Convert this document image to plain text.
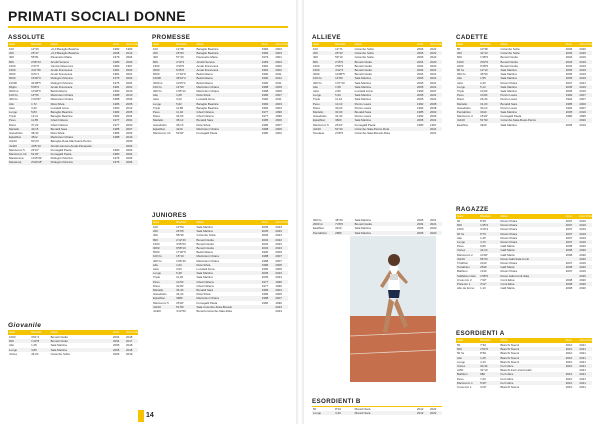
PRIMATI SOCIALI DONNE
ASSOLUTE
Gara	Risultato	Atleta	Anno	Anno Prest.
100	12"30	+0,0 Baraglio Beatrice	1982	1993
200	25"47	+0,0 Baraglio Beatrice	2008	2012
400	56"81	Pavanetto Maria	1979	2004
800	2'08"13	Airoldi Serena	1983	2003
1000	2'47"0	Cantoni Eleonora	1980	1997
1500	4'21"96	Amati Francesca	1981	2002
3000	9'24"1	Amati Francesca	1981	2001
5000	16'30"0	Pellegrini Monica	1975	2003
10000	34'08"5	Pellegrini Monica	1975	2004
Miglio	5'06"2	Amati Francesca	1981	2001
3000 st	10'48"6	Belotti Elena	1990	2013
100 hs	14"56	Mazzoleni Chiara	1988	2010
400 hs	1'03"87	Mazzoleni Chiara	1988	2009
Alto	1,72	Rota Silvia	1986	2005
Asta	3,40	Locatelli Anna	1990	2012
Lungo	5,83	Baraglio Beatrice	1982	2005
Triplo	12,11	Baraglio Beatrice	1982	2004
Peso	11,85	Ghezzi Elena	1977	2001
Disco	37,20	Ghezzi Elena	1977	2000
Martello	40,15	Bonaldi Sara	1985	2007
Giavellotto	38,40	Rota Silvia	1986	2006
Eptathlon	4512	Mazzoleni Chiara	1988	2010
4x100	50"20	Baraglio-Rota-Mazzoleni-Perico		2009
4x400	4'05"10	Airoldi-Cantoni-Amati-Pavanetto		2002
Marcia km 5	24'10"	Fumagalli Paola	1980	2003
Marcia km 10	51'20"	Fumagalli Paola	1980	2004
Maratonina	1h15'32"	Pellegrini Monica	1975	2005
Maratona	2h40'18"	Pellegrini Monica	1975	2006
Giovanile
Gara	Risultato	Atleta	Anno	Anno Prest.
1000	3'01"4	Bonetti Giulia	2004	2018
600	1'42"8	Bonetti Giulia	2004	2017
Alto	1,45	Sala Martina	2005	2018
Lungo	4,86	Sala Martina	2005	2018
Vortex	46,20	Colombo Sofia	2006	2019
PROMESSE
Gara	Risultato	Atleta	Anno	Anno Prest.
100	12"48	Baraglio Beatrice	1982	2003
200	25"90	Baraglio Beatrice	1982	2003
400	57"40	Pavanetto Maria	1979	2001
800	2'10"2	Airoldi Serena	1983	2004
1500	4'30"5	Amati Francesca	1981	2002
3000	9'45"0	Amati Francesca	1981	2002
5000	17'02"8	Belotti Elena	1990	2011
10000	36'10"2	Belotti Elena	1990	2012
3000 st	11'05"4	Belotti Elena	1990	2011
100 hs	14"90	Mazzoleni Chiara	1988	2009
400 hs	1'05"12	Mazzoleni Chiara	1988	2009
Alto	1,68	Rota Silvia	1986	2007
Asta	3,20	Locatelli Anna	1990	2011
Lungo	5,62	Baraglio Beatrice	1982	2003
Triplo	11,80	Baraglio Beatrice	1982	2003
Peso	11,02	Ghezzi Elena	1977	1999
Disco	34,50	Ghezzi Elena	1977	1999
Martello	38,12	Bonaldi Sara	1985	2006
Giavellotto	36,10	Rota Silvia	1986	2007
Eptathlon	4210	Mazzoleni Chiara	1988	2009
Marcia km 10	53'40"	Fumagalli Paola	1980	2002
JUNIORES
Gara	Risultato	Atleta	Anno	Anno Prest.
100	12"60	Sala Martina	2005	2023
200	26"05	Sala Martina	2005	2023
400	58"30	Colombo Sofia	2006	2024
800	2'12"40	Bonetti Giulia	2004	2022
1500	4'35"00	Bonetti Giulia	2004	2023
3000	9'58"10	Bonetti Giulia	2004	2023
5000	17'30"5	Belotti Elena	1990	2009
100 hs	15"10	Mazzoleni Chiara	1988	2007
400 hs	1'06"40	Mazzoleni Chiara	1988	2007
Alto	1,62	Rota Silvia	1986	2005
Asta	3,00	Locatelli Anna	1990	2009
Lungo	5,48	Sala Martina	2005	2023
Triplo	11,40	Sala Martina	2005	2024
Peso	10,50	Ghezzi Elena	1977	1996
Disco	32,80	Ghezzi Elena	1977	1996
Martello	35,40	Bonaldi Sara	1985	2004
Giavellotto	34,20	Rota Silvia	1986	2005
Eptathlon	3980	Mazzoleni Chiara	1988	2007
Marcia km 5	25'40"	Fumagalli Paola	1980	1999
4x100	51"80	Sala-Colombo-Rota-Bonetti		2023
4x400	4'12"50	Bonetti-Colombo-Sala-Rota		2023
14
ALLIEVE
Gara	Risultato	Atleta	Anno	Anno Prest.
100	12"71	Colombo Sofia	2006	2022
200	26"30	Colombo Sofia	2006	2022
400	59"10	Colombo Sofia	2006	2022
800	2'15"0	Bonetti Giulia	2004	2020
1000	2'58"4	Bonetti Giulia	2004	2020
1500	4'42"3	Bonetti Giulia	2004	2021
3000	10'08"5	Bonetti Giulia	2004	2021
100 hs	14"80	Sala Martina	2005	2021
400 hs	1'07"20	Sala Martina	2005	2021
Alto	1,58	Sala Martina	2005	2021
Asta	2,80	Locatelli Anna	1990	2007
Lungo	5,40	Sala Martina	2005	2021
Triplo	11,10	Sala Martina	2005	2021
Peso	10,10	Perico Laura	1992	2008
Disco	30,20	Perico Laura	1992	2008
Martello	33,00	Bonaldi Sara	1985	2002
Giavellotto	32,40	Perico Laura	1992	2009
Eptathlon	3820	Sala Martina	2005	2021
Marcia km 5	26'10"	Fumagalli Paola	1980	1997
4x100	52"40	Colombo-Sala-Perico-Rota		2021
Svedese	2'28"0	Colombo-Sala-Bonetti-Rota		2021
300 hs	48"20	Sala Martina	2005	2021
2000 st	7'28"0	Bonetti Giulia	2004	2021
Esathlon	3210	Sala Martina	2005	2020
Pentathlon	2980	Sala Martina	2005	2020
CADETTE
Gara	Risultato	Atleta	Anno	Anno Prest.
80	10"38	Colombo Sofia	2006	2020
300	42"10	Colombo Sofia	2006	2020
600	1'38"0	Bonetti Giulia	2004	2019
1000	3'02"0	Bonetti Giulia	2004	2019
2000	6'48"5	Bonetti Giulia	2004	2019
80 hs	12"10	Sala Martina	2005	2019
300 hs	46"90	Sala Martina	2005	2019
Alto	1,55	Sala Martina	2005	2019
Asta	2,40	Rossi Chiara	2007	2021
Lungo	5,12	Sala Martina	2005	2019
Triplo	10,60	Sala Martina	2005	2019
Peso	10,80	Perico Laura	1992	2007
Disco	29,40	Perico Laura	1992	2007
Martello	31,00	Bonaldi Sara	1985	2000
Giavellotto	30,10	Perico Laura	1992	2007
Pentathlon	3010	Sala Martina	2005	2019
Marcia km 3	15'20"	Fumagalli Paola	1980	1995
4x100	51"90	Colombo-Sala-Rossi-Perico		2020
Esathlon	3420	Sala Martina	2005	2019
RAGAZZE
Gara	Risultato	Atleta	Anno	Anno Prest.
60	8"20	Rossi Chiara	2007	2019
600	1'45"2	Rossi Chiara	2007	2019
1000	3'10"4	Rossi Chiara	2007	2019
60 hs	9"70	Rossi Chiara	2007	2019
Alto	1,45	Rossi Chiara	2007	2019
Lungo	4,70	Rossi Chiara	2007	2019
Peso	9,80	Galli Marta	2008	2020
Vortex	42,10	Galli Marta	2008	2020
Marcia km 2	10'40"	Galli Marta	2008	2020
4x100	55"20	Rossi-Galli-Sala-Conti		2020
Triathlon	2120	Rossi Chiara	2007	2019
Tetrathlon	2540	Galli Marta	2008	2020
Biathlon	1310	Rossi Chiara	2007	2019
Staffetta mista	1'58"0	Rossi-Galli-Conti-Sala		2020
Cross km 2	7'40"	Conti Elisa	2008	2020
Pista km 1	3'12"	Conti Elisa	2008	2020
Alto da fermo	1,10	Galli Marta	2008	2020
ESORDIENTI A
Gara	Risultato	Atleta	Anno	Anno Prest.
50	7"40	Bianchi Noemi	2010	2021
600	1'52"0	Bianchi Noemi	2010	2021
50 hs	8"60	Bianchi Noemi	2010	2021
Alto	1,25	Bianchi Noemi	2010	2021
Lungo	4,10	Bianchi Noemi	2010	2021
Vortex	30,40	Ferri Alice	2010	2021
4x50	32"10	Bianchi-Ferri-Conti-Galli		2021
Biathlon	980	Ferri Alice	2010	2021
Peso	7,20	Ferri Alice	2010	2021
Marcia km 1	5'40"	Ferri Alice	2010	2021
Cross km 1	4'10"	Bianchi Noemi	2010	2021
ESORDIENTI B
50	8"10	Moretti Sara	2012	2022
Lungo	3,40	Moretti Sara	2012	2022
